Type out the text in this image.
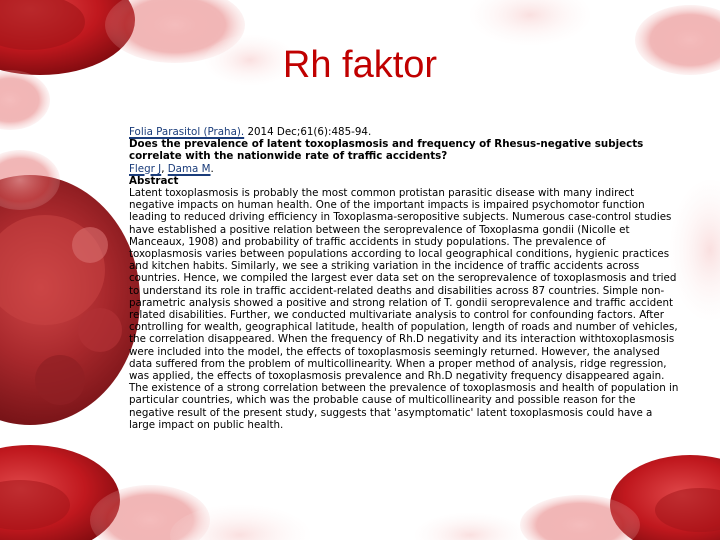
Rh faktor

Folia Parasitol (Praha). 2014 Dec;61(6):485-94.

Does the prevalence of latent toxoplasmosis and frequency of Rhesus-negative subjects correlate with the nationwide rate of traffic accidents?

Flegr J, Dama M.

Abstract

Latent toxoplasmosis is probably the most common protistan parasitic disease with many indirect negative impacts on human health. One of the important impacts is impaired psychomotor function leading to reduced driving efficiency in Toxoplasma-seropositive subjects. Numerous case-control studies have established a positive relation between the seroprevalence of Toxoplasma gondii (Nicolle et Manceaux, 1908) and probability of traffic accidents in study populations. The prevalence of toxoplasmosis varies between populations according to local geographical conditions, hygienic practices and kitchen habits. Similarly, we see a striking variation in the incidence of traffic accidents across countries. Hence, we compiled the largest ever data set on the seroprevalence of toxoplasmosis and tried to understand its role in traffic accident-related deaths and disabilities across 87 countries. Simple non-parametric analysis showed a positive and strong relation of T. gondii seroprevalence and traffic accident related disabilities. Further, we conducted multivariate analysis to control for confounding factors. After controlling for wealth, geographical latitude, health of population, length of roads and number of vehicles, the correlation disappeared. When the frequency of Rh.D negativity and its interaction withtoxoplasmosis were included into the model, the effects of toxoplasmosis seemingly returned. However, the analysed data suffered from the problem of multicollinearity. When a proper method of analysis, ridge regression, was applied, the effects of toxoplasmosis prevalence and Rh.D negativity frequency disappeared again. The existence of a strong correlation between the prevalence of toxoplasmosis and health of population in particular countries, which was the probable cause of multicollinearity and possible reason for the negative result of the present study, suggests that 'asymptomatic' latent toxoplasmosis could have a large impact on public health.
